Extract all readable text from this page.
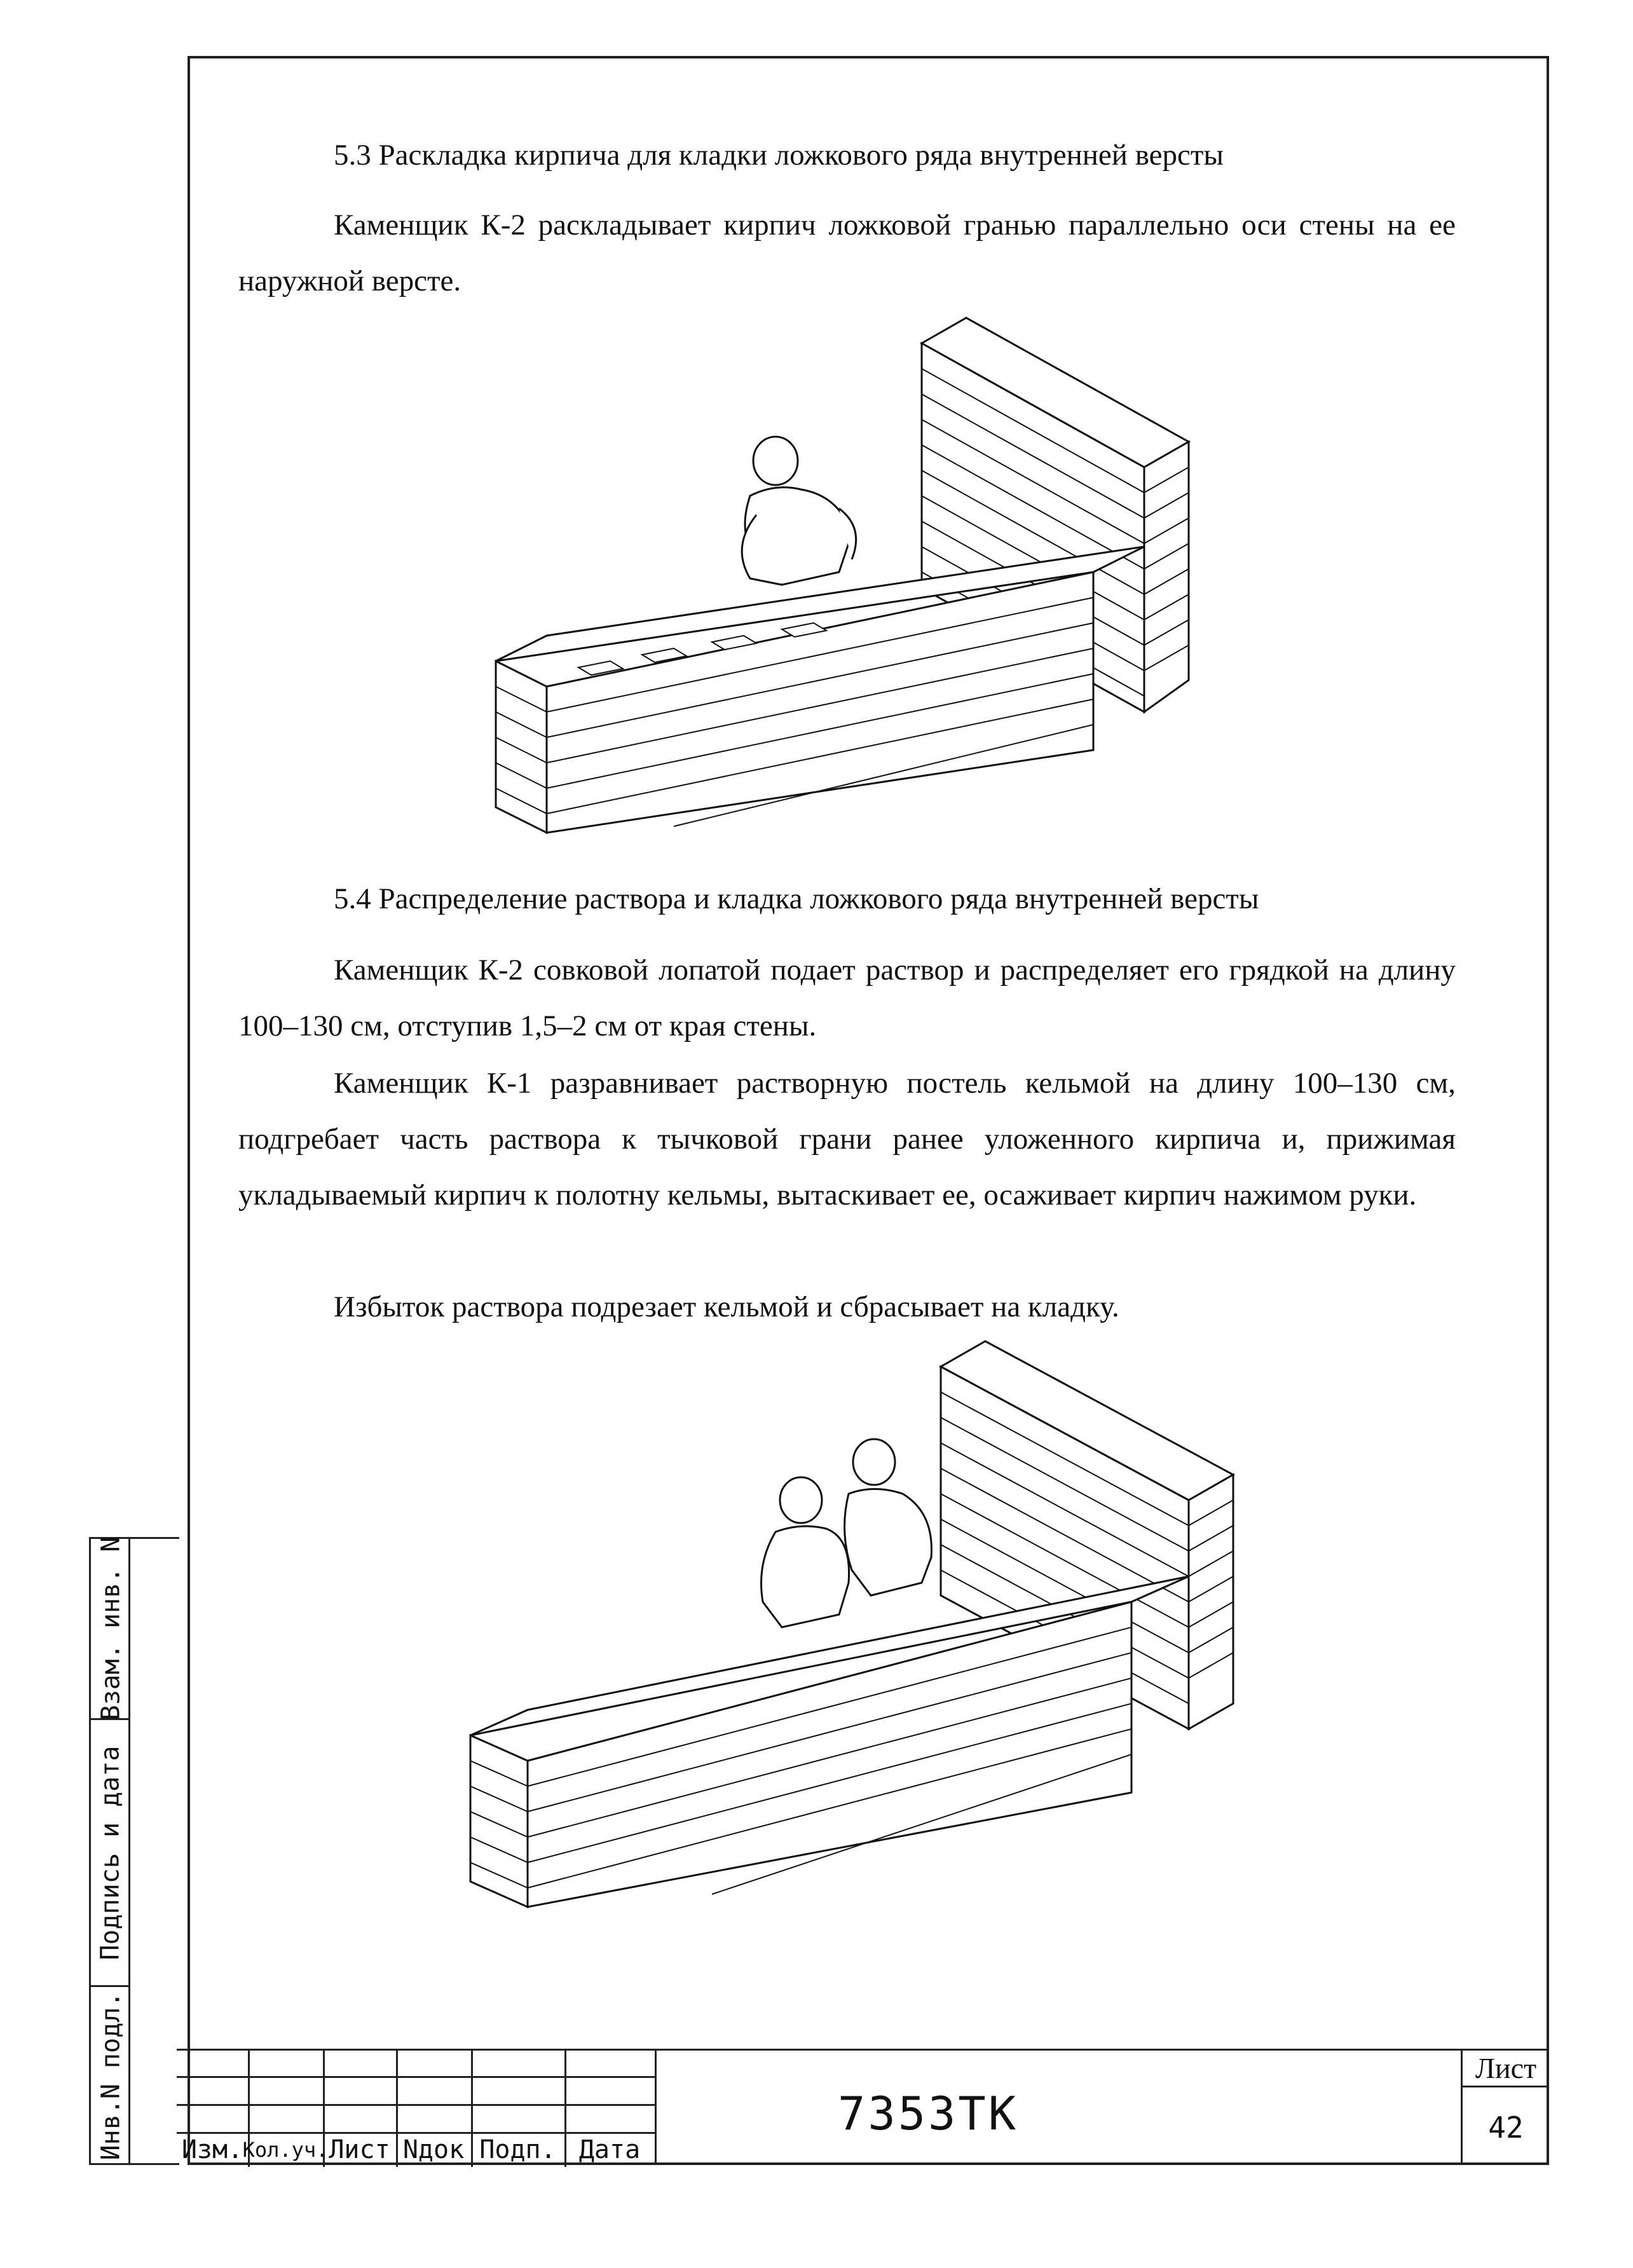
5.3 Раскладка кирпича для кладки ложкового ряда внутренней версты
Каменщик К-2 раскладывает кирпич ложковой гранью параллельно оси стены на ее наружной версте.
5.4 Распределение раствора и кладка ложкового ряда внутренней версты
Каменщик К-2 совковой лопатой подает раствор и распределяет его грядкой на длину 100–130 см, отступив 1,5–2 см от края стены.
Каменщик К-1 разравнивает растворную постель кельмой на длину 100–130 см, подгребает часть раствора к тычковой грани ранее уложенного кирпича и, прижимая укладываемый кирпич к полотну кельмы, вытаскивает ее, осаживает кирпич нажимом руки.
Избыток раствора подрезает кельмой и сбрасывает на кладку.
Взам. инв. N
Подпись и дата
Инв.N подл. Изм. Кол.уч. Лист Nдок Подп. Дата
7353ТК
Лист
42
